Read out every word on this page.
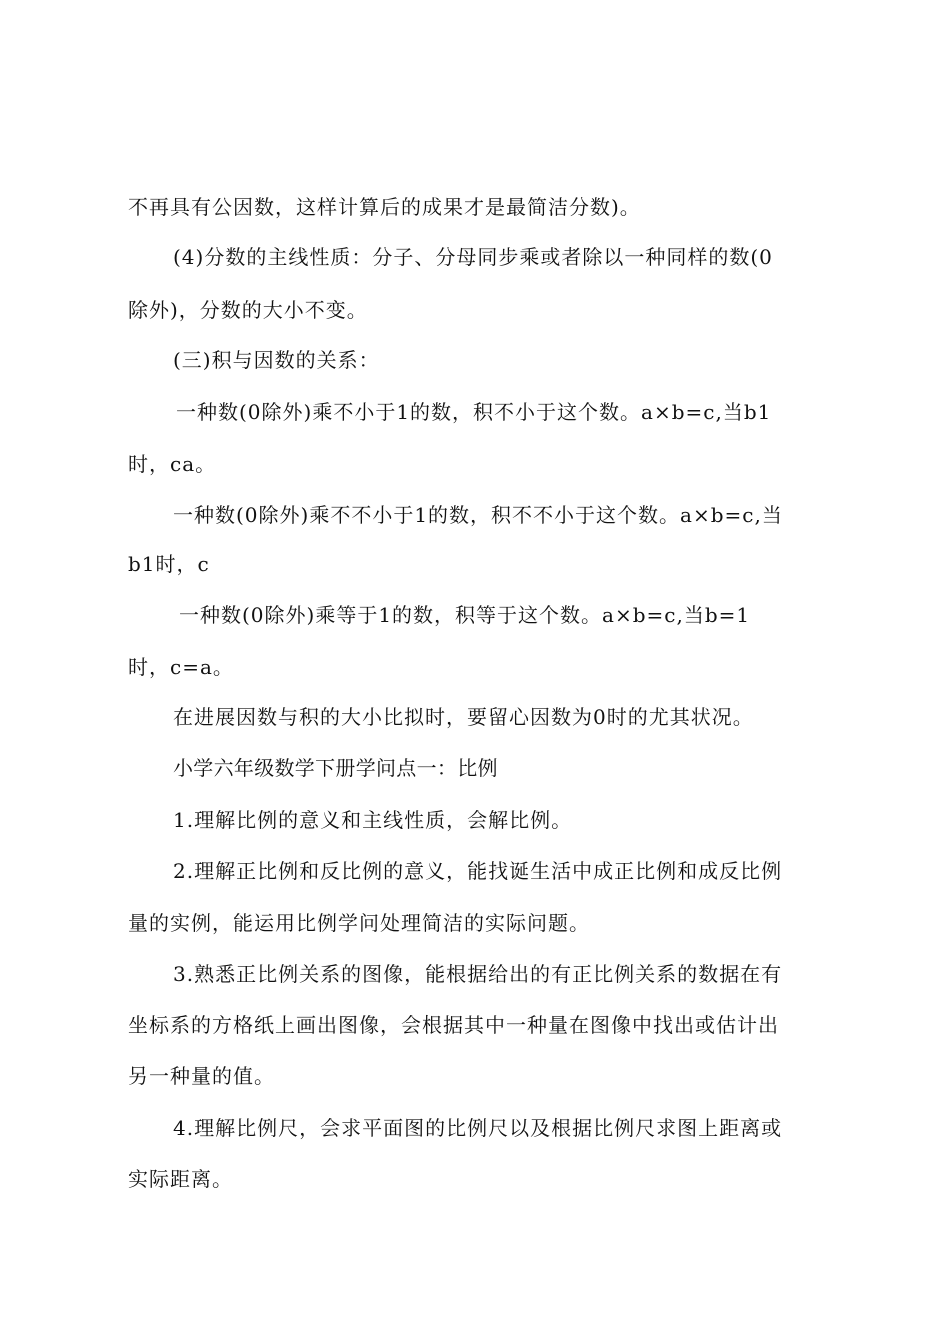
不再具有公因数，这样计算后的成果才是最简洁分数)。
(4)分数的主线性质：分子、分母同步乘或者除以一种同样的数(0
除外)，分数的大小不变。
(三)积与因数的关系：
一种数(0除外)乘不小于1的数，积不小于这个数。a×b=c,当b1
时，ca。
一种数(0除外)乘不不小于1的数，积不不小于这个数。a×b=c,当
b1时，c
一种数(0除外)乘等于1的数，积等于这个数。a×b=c,当b=1
时，c=a。
在进展因数与积的大小比拟时，要留心因数为0时的尤其状况。
小学六年级数学下册学问点一：比例
1.理解比例的意义和主线性质，会解比例。
2.理解正比例和反比例的意义，能找诞生活中成正比例和成反比例
量的实例，能运用比例学问处理简洁的实际问题。
3.熟悉正比例关系的图像，能根据给出的有正比例关系的数据在有
坐标系的方格纸上画出图像，会根据其中一种量在图像中找出或估计出
另一种量的值。
4.理解比例尺，会求平面图的比例尺以及根据比例尺求图上距离或
实际距离。
